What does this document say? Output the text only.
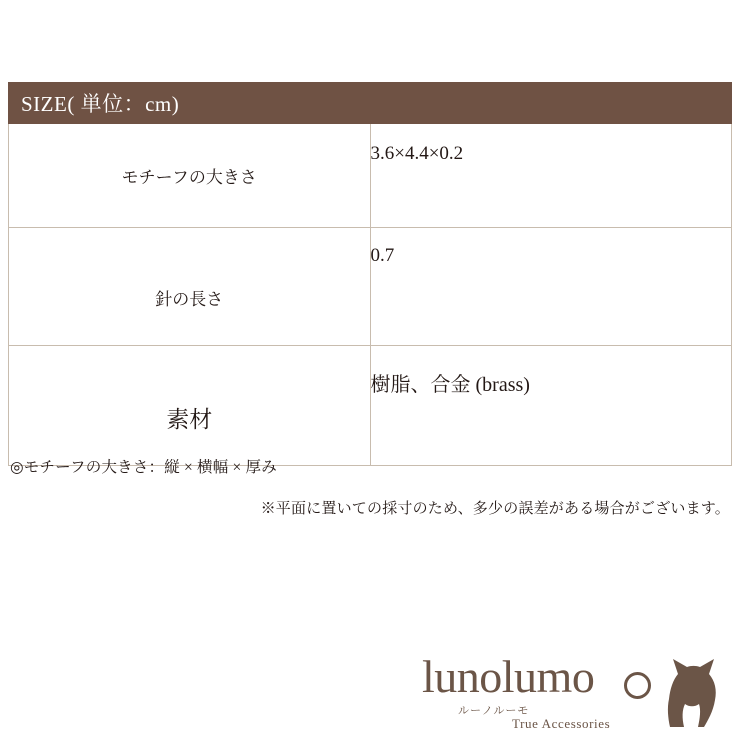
SIZE( 単位：cm)	
モチーフの大きさ	3.6×4.4×0.2
針の長さ	0.7
素材	樹脂、合金 (brass)
◎モチーフの大きさ：縦 × 横幅 × 厚み
※平面に置いての採寸のため、多少の誤差がある場合がございます。
lunolumo
ルーノルーモ
True Accessories
